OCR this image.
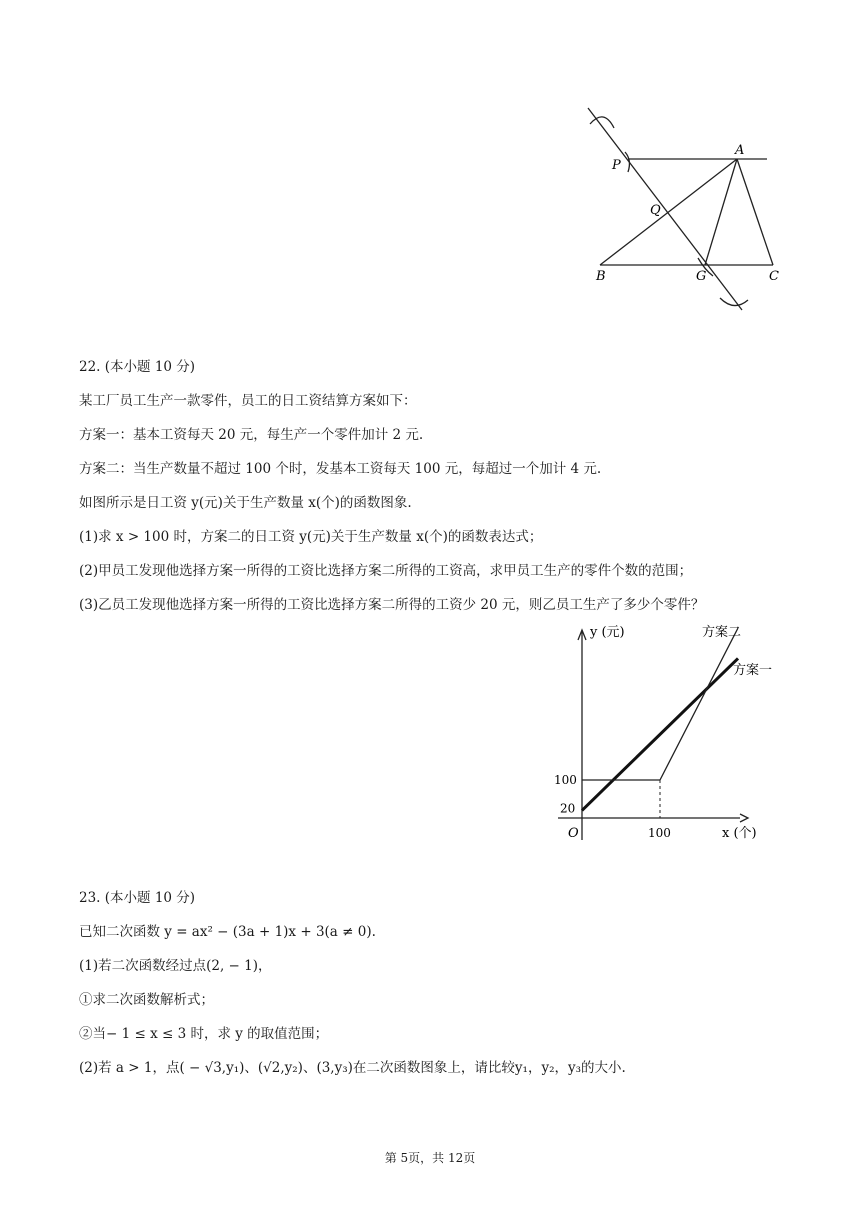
P
A
Q
B	G	C
22. (本小题 10 分)
某工厂员工生产一款零件，员工的日工资结算方案如下：
方案一：基本工资每天 20 元，每生产一个零件加计 2 元.
方案二：当生产数量不超过 100 个时，发基本工资每天 100 元，每超过一个加计 4 元.
如图所示是日工资 y(元)关于生产数量 x(个)的函数图象.
(1)求 x > 100 时，方案二的日工资 y(元)关于生产数量 x(个)的函数表达式；
(2)甲员工发现他选择方案一所得的工资比选择方案二所得的工资高，求甲员工生产的零件个数的范围；
(3)乙员工发现他选择方案一所得的工资比选择方案二所得的工资少 20 元，则乙员工生产了多少个零件？
x (个)
y (元)
O	100
100
20
方案二
方案一
23. (本小题 10 分)
已知二次函数 y = ax² − (3a + 1)x + 3(a ≠ 0).
(1)若二次函数经过点(2, − 1)，
①求二次函数解析式；
②当− 1 ≤ x ≤ 3 时，求 y 的取值范围；
(2)若 a > 1，点( − √3,y₁)、(√2,y₂)、(3,y₃)在二次函数图象上，请比较y₁，y₂，y₃的大小.
第 5页，共 12页
